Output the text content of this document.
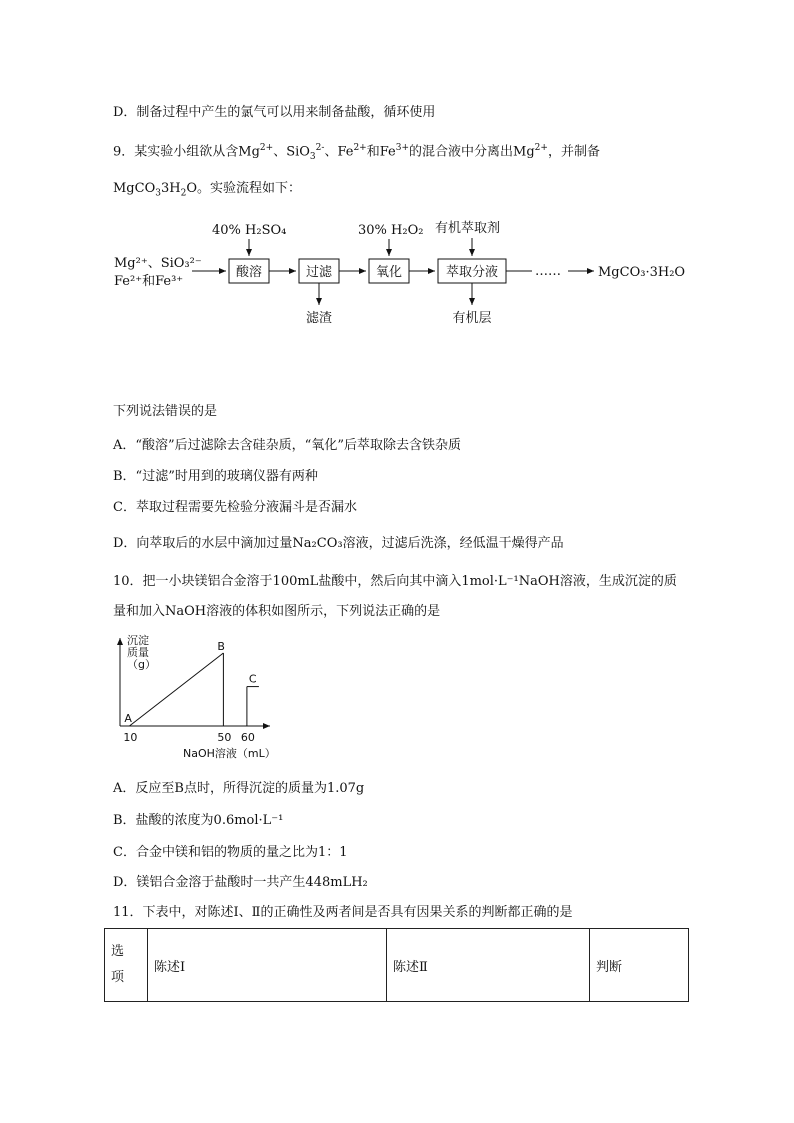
D．制备过程中产生的氯气可以用来制备盐酸，循环使用
9．某实验小组欲从含$Mg^{2+}$、SiO$_3^{2-}$、$Fe^{2+}$和$Fe^{3+}$的混合液中分离出$Mg^{2+}$，并制备
$MgCO_33H_2O$。实验流程如下：
Mg²⁺、SiO₃²⁻
Fe²⁺和Fe³⁺
酸溶
40% H₂SO₄
过滤
滤渣
氧化
30% H₂O₂
萃取分液
有机萃取剂
有机层
……	MgCO₃·3H₂O
下列说法错误的是
A．“酸溶”后过滤除去含硅杂质，“氧化”后萃取除去含铁杂质
B．“过滤”时用到的玻璃仪器有两种
C．萃取过程需要先检验分液漏斗是否漏水
D．向萃取后的水层中滴加过量Na₂CO₃溶液，过滤后洗涤，经低温干燥得产品
10．把一小块镁铝合金溶于100mL盐酸中，然后向其中滴入1mol·L⁻¹NaOH溶液，生成沉淀的质
量和加入NaOH溶液的体积如图所示，下列说法正确的是
沉淀
质量
（g）
A
B
C
10	50 60
NaOH溶液（mL）
A．反应至B点时，所得沉淀的质量为1.07g
B．盐酸的浓度为0.6mol·L⁻¹
C．合金中镁和铝的物质的量之比为1：1
D．镁铝合金溶于盐酸时一共产生448mLH₂
11．下表中，对陈述Ⅰ、Ⅱ的正确性及两者间是否具有因果关系的判断都正确的是
选
项
	陈述Ⅰ	陈述Ⅱ	判断
